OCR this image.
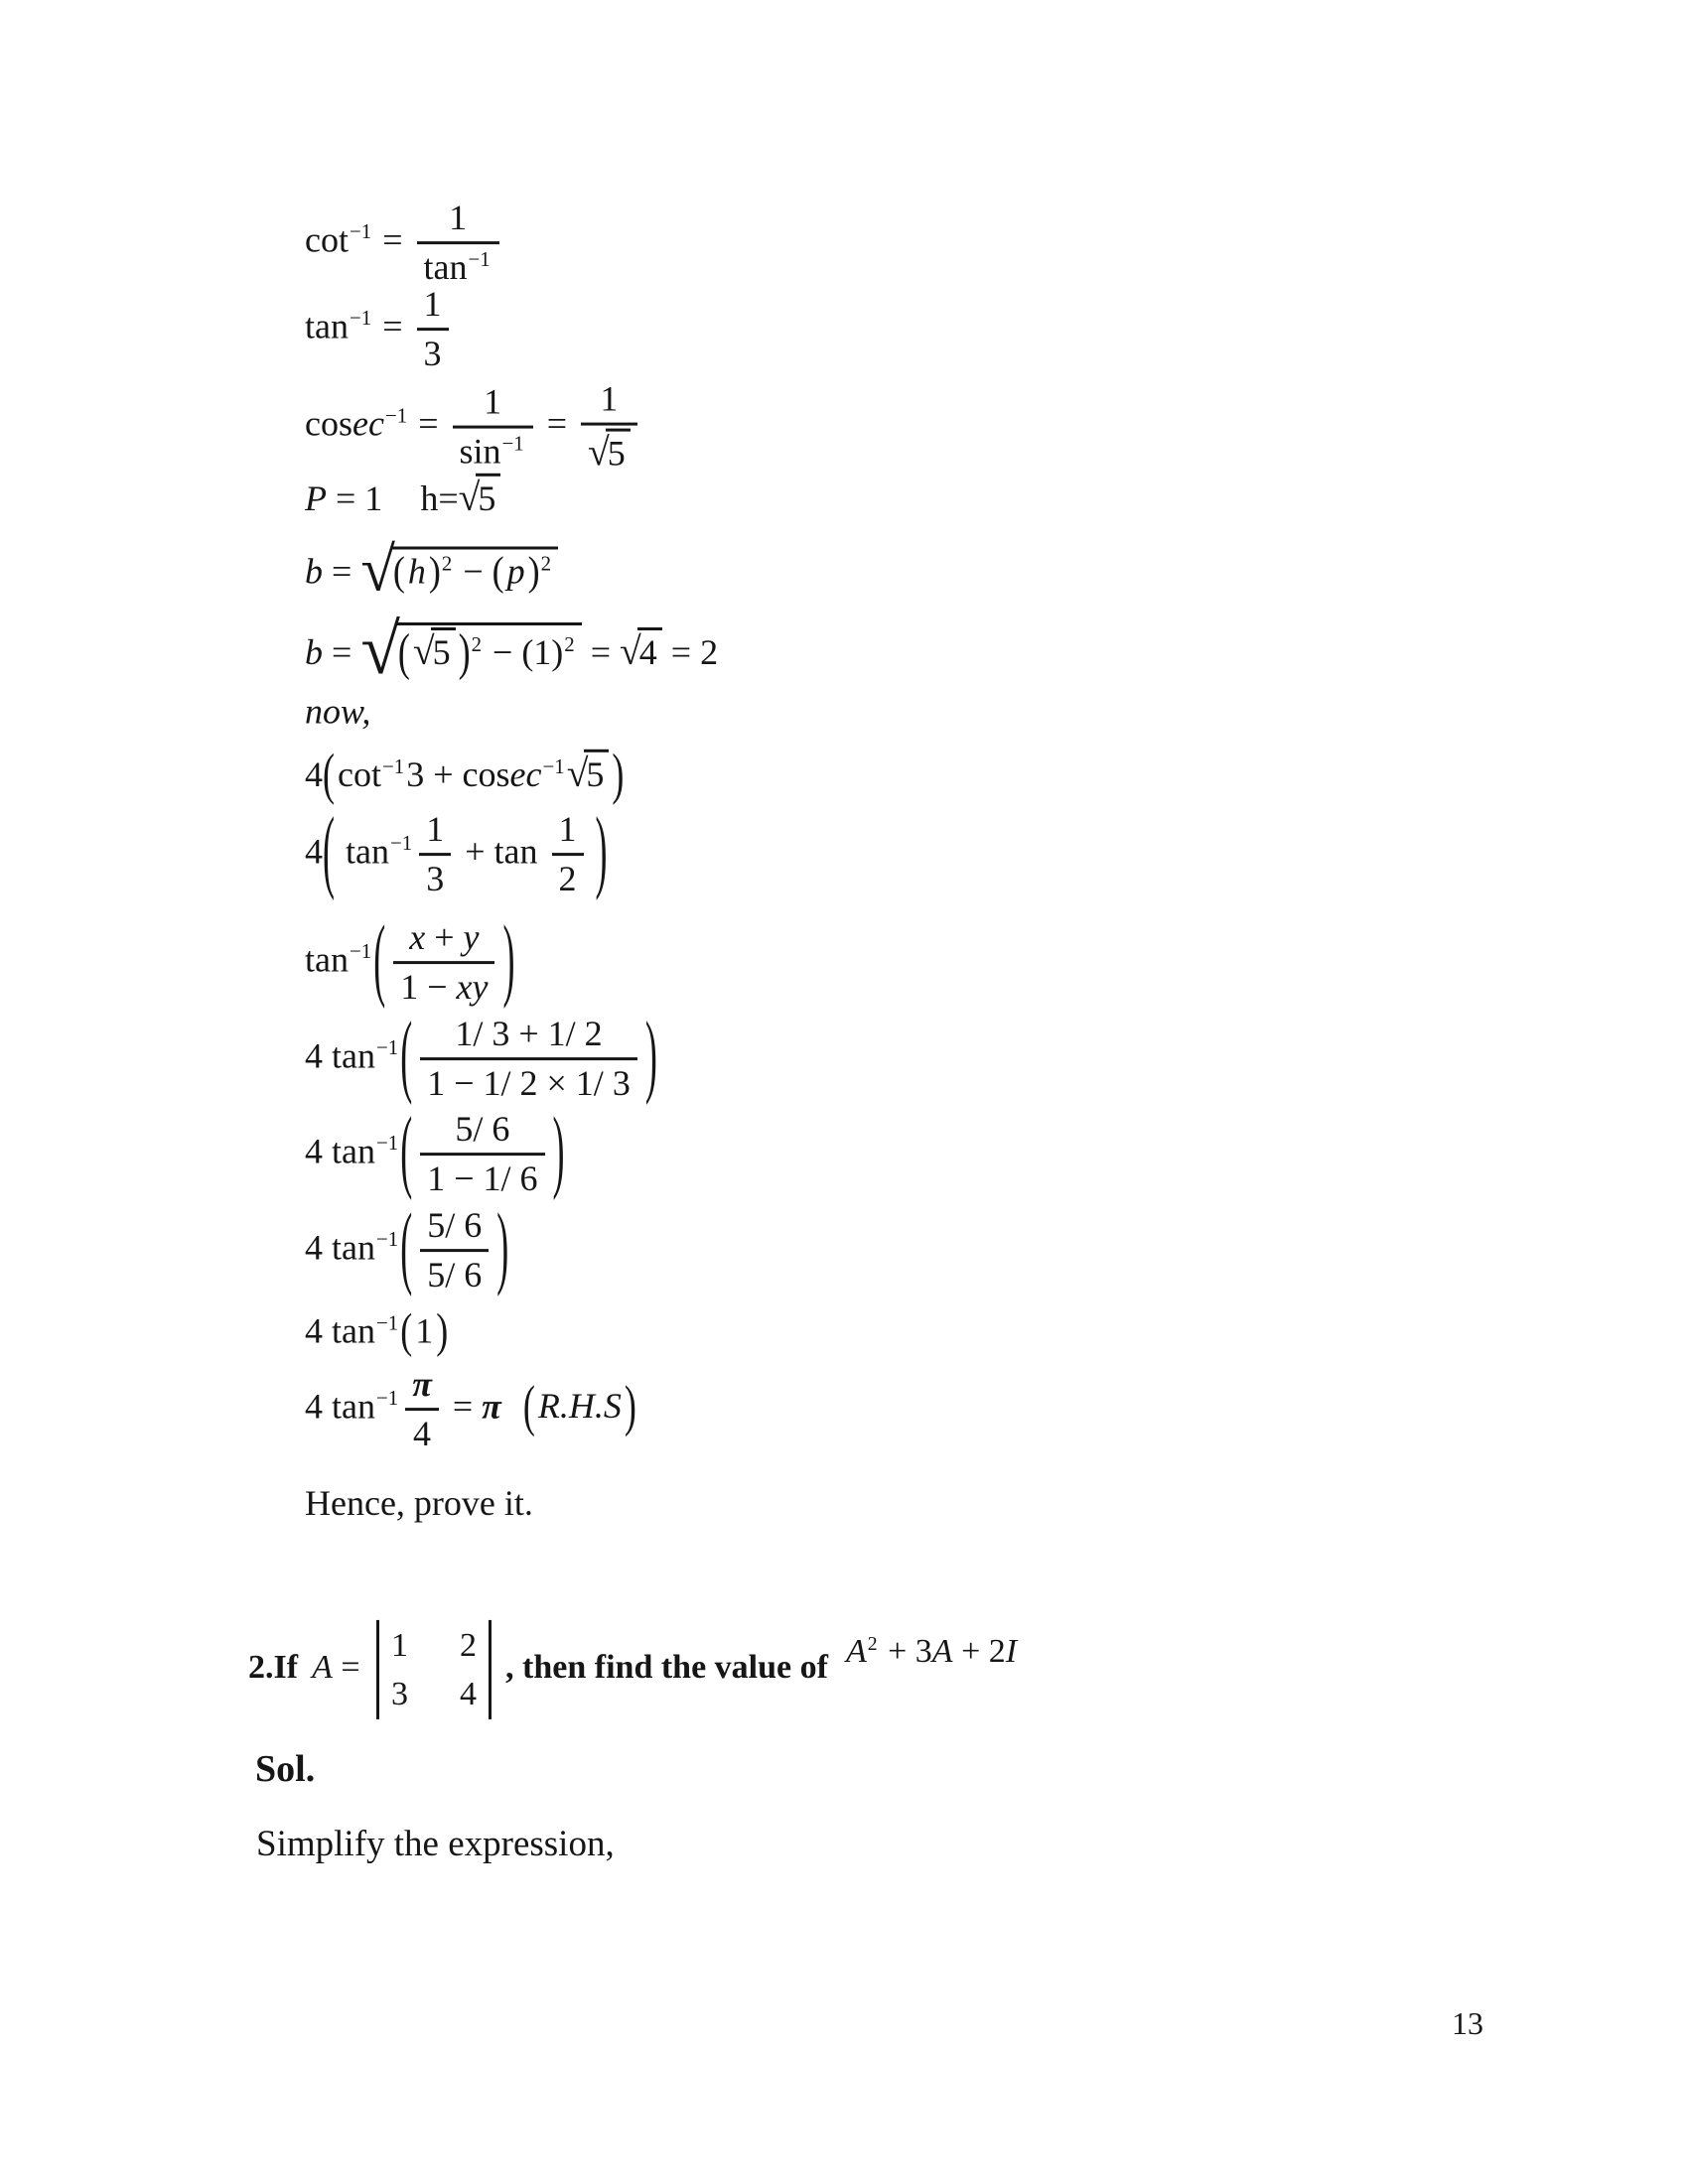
$\cot-1 = \frac{1}{\tan-1}$
$\tan-1 = \frac{1}{3}$
$cosec-1 = \frac{1}{\sin-1} = \frac{1}{√5}$
P = 1 h=√5
b = √(h)2 − (p)2
b = √(√5 )2 − (1)2 = √4 = 2
now,
4(cot−13 + cosec−1√5 )
4( $\tan-1 \frac{1}{3} + \tan \frac{1}{2}$ )
$\tan-1( \frac{x + y}{1 - xy}$ )
4 $\tan-1( \frac{1/ 3 + 1/ 2}{1 - 1/ 2 \times 1/ 3}$ )
4 $\tan-1( \frac{5/ 6}{1 - 1/ 6}$ )
4 $\tan-1( \frac{5/ 6}{5/ 6}$ )
4 tan−1(1)
4 $\tan-1 \frac{\pi}{4} = \pi$ (R.H.S)
2.If A =
1 2
3 4
, then find the value of A2 + 3A + 2I
Hence, prove it.
Sol.
Simplify the expression,
13
